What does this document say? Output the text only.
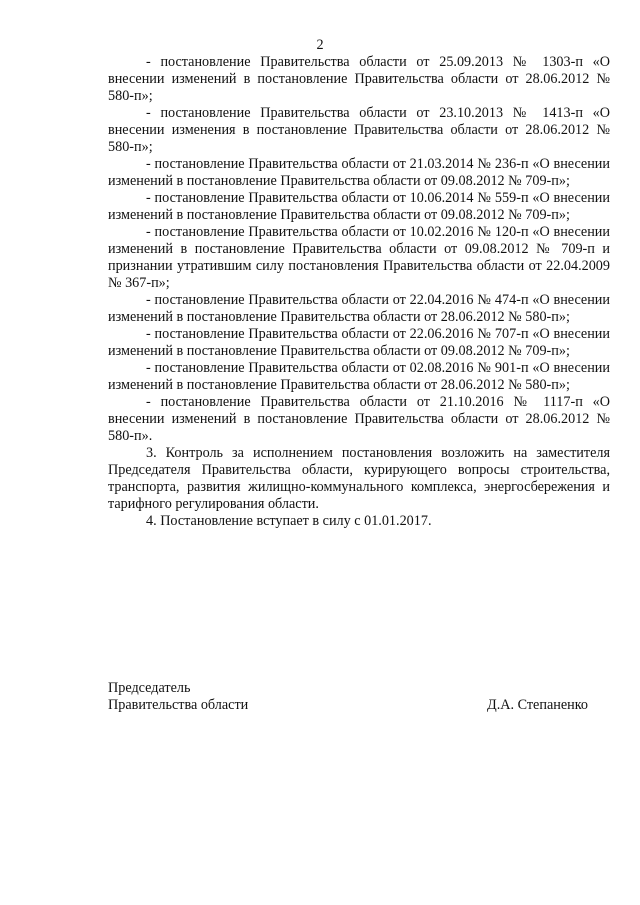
2

- постановление Правительства области от 25.09.2013 № 1303-п «О внесении изменений в постановление Правительства области от 28.06.2012 № 580-п»;

- постановление Правительства области от 23.10.2013 № 1413-п «О внесении изменения в постановление Правительства области от 28.06.2012 № 580-п»;

- постановление Правительства области от 21.03.2014 № 236-п «О внесении изменений в постановление Правительства области от 09.08.2012 № 709-п»;

- постановление Правительства области от 10.06.2014 № 559-п «О внесении изменений в постановление Правительства области от 09.08.2012 № 709-п»;

- постановление Правительства области от 10.02.2016 № 120-п «О внесении изменений в постановление Правительства области от 09.08.2012 № 709-п и признании утратившим силу постановления Правительства области от 22.04.2009 № 367-п»;

- постановление Правительства области от 22.04.2016 № 474-п «О внесении изменений в постановление Правительства области от 28.06.2012 № 580-п»;

- постановление Правительства области от 22.06.2016 № 707-п «О внесении изменений в постановление Правительства области от 09.08.2012 № 709-п»;

- постановление Правительства области от 02.08.2016 № 901-п «О внесении изменений в постановление Правительства области от 28.06.2012 № 580-п»;

- постановление Правительства области от 21.10.2016 № 1117-п «О внесении изменений в постановление Правительства области от 28.06.2012 № 580-п».

3. Контроль за исполнением постановления возложить на заместителя Председателя Правительства области, курирующего вопросы строительства, транспорта, развития жилищно-коммунального комплекса, энергосбережения и тарифного регулирования области.

4. Постановление вступает в силу с 01.01.2017.

Председатель
Правительства области	Д.А. Степаненко
